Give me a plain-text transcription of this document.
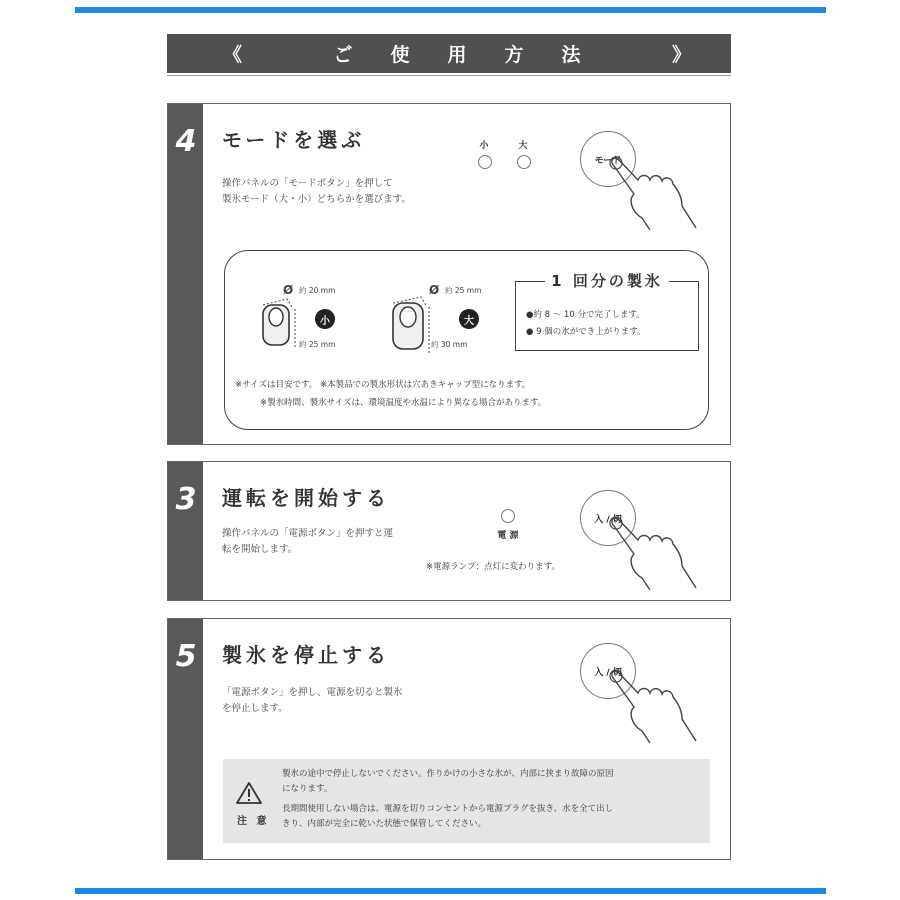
《	ご 使 用 方 法	》
4 モードを選ぶ
操作パネルの「モードボタン」を押して
製氷モード（大・小）どちらかを選びます。
小	大
モード
Ø 約 20 mm
約 25 mm
小
Ø 約 25 mm
約 30 mm
大
1 回分の製氷
●約 8 ～ 10 分で完了します。
● 9 個の氷ができ上がります。
※サイズは目安です。 ※本製品での製氷形状は穴あきキャップ型になります。
※製氷時間、製氷サイズは、環境温度や水温により異なる場合があります。
3 運転を開始する
操作パネルの「電源ボタン」を押すと運
転を開始します。
電 源
※電源ランプ：点灯に変わります。
入 / 切
5 製氷を停止する
「電源ボタン」を押し、電源を切ると製氷
を停止します。
入 / 切
注 意
製氷の途中で停止しないでください。作りかけの小さな氷が、内部に挟まり故障の原因
になります。
長期間使用しない場合は、電源を切りコンセントから電源プラグを抜き、水を全て出し
きり、内部が完全に乾いた状態で保管してください。
